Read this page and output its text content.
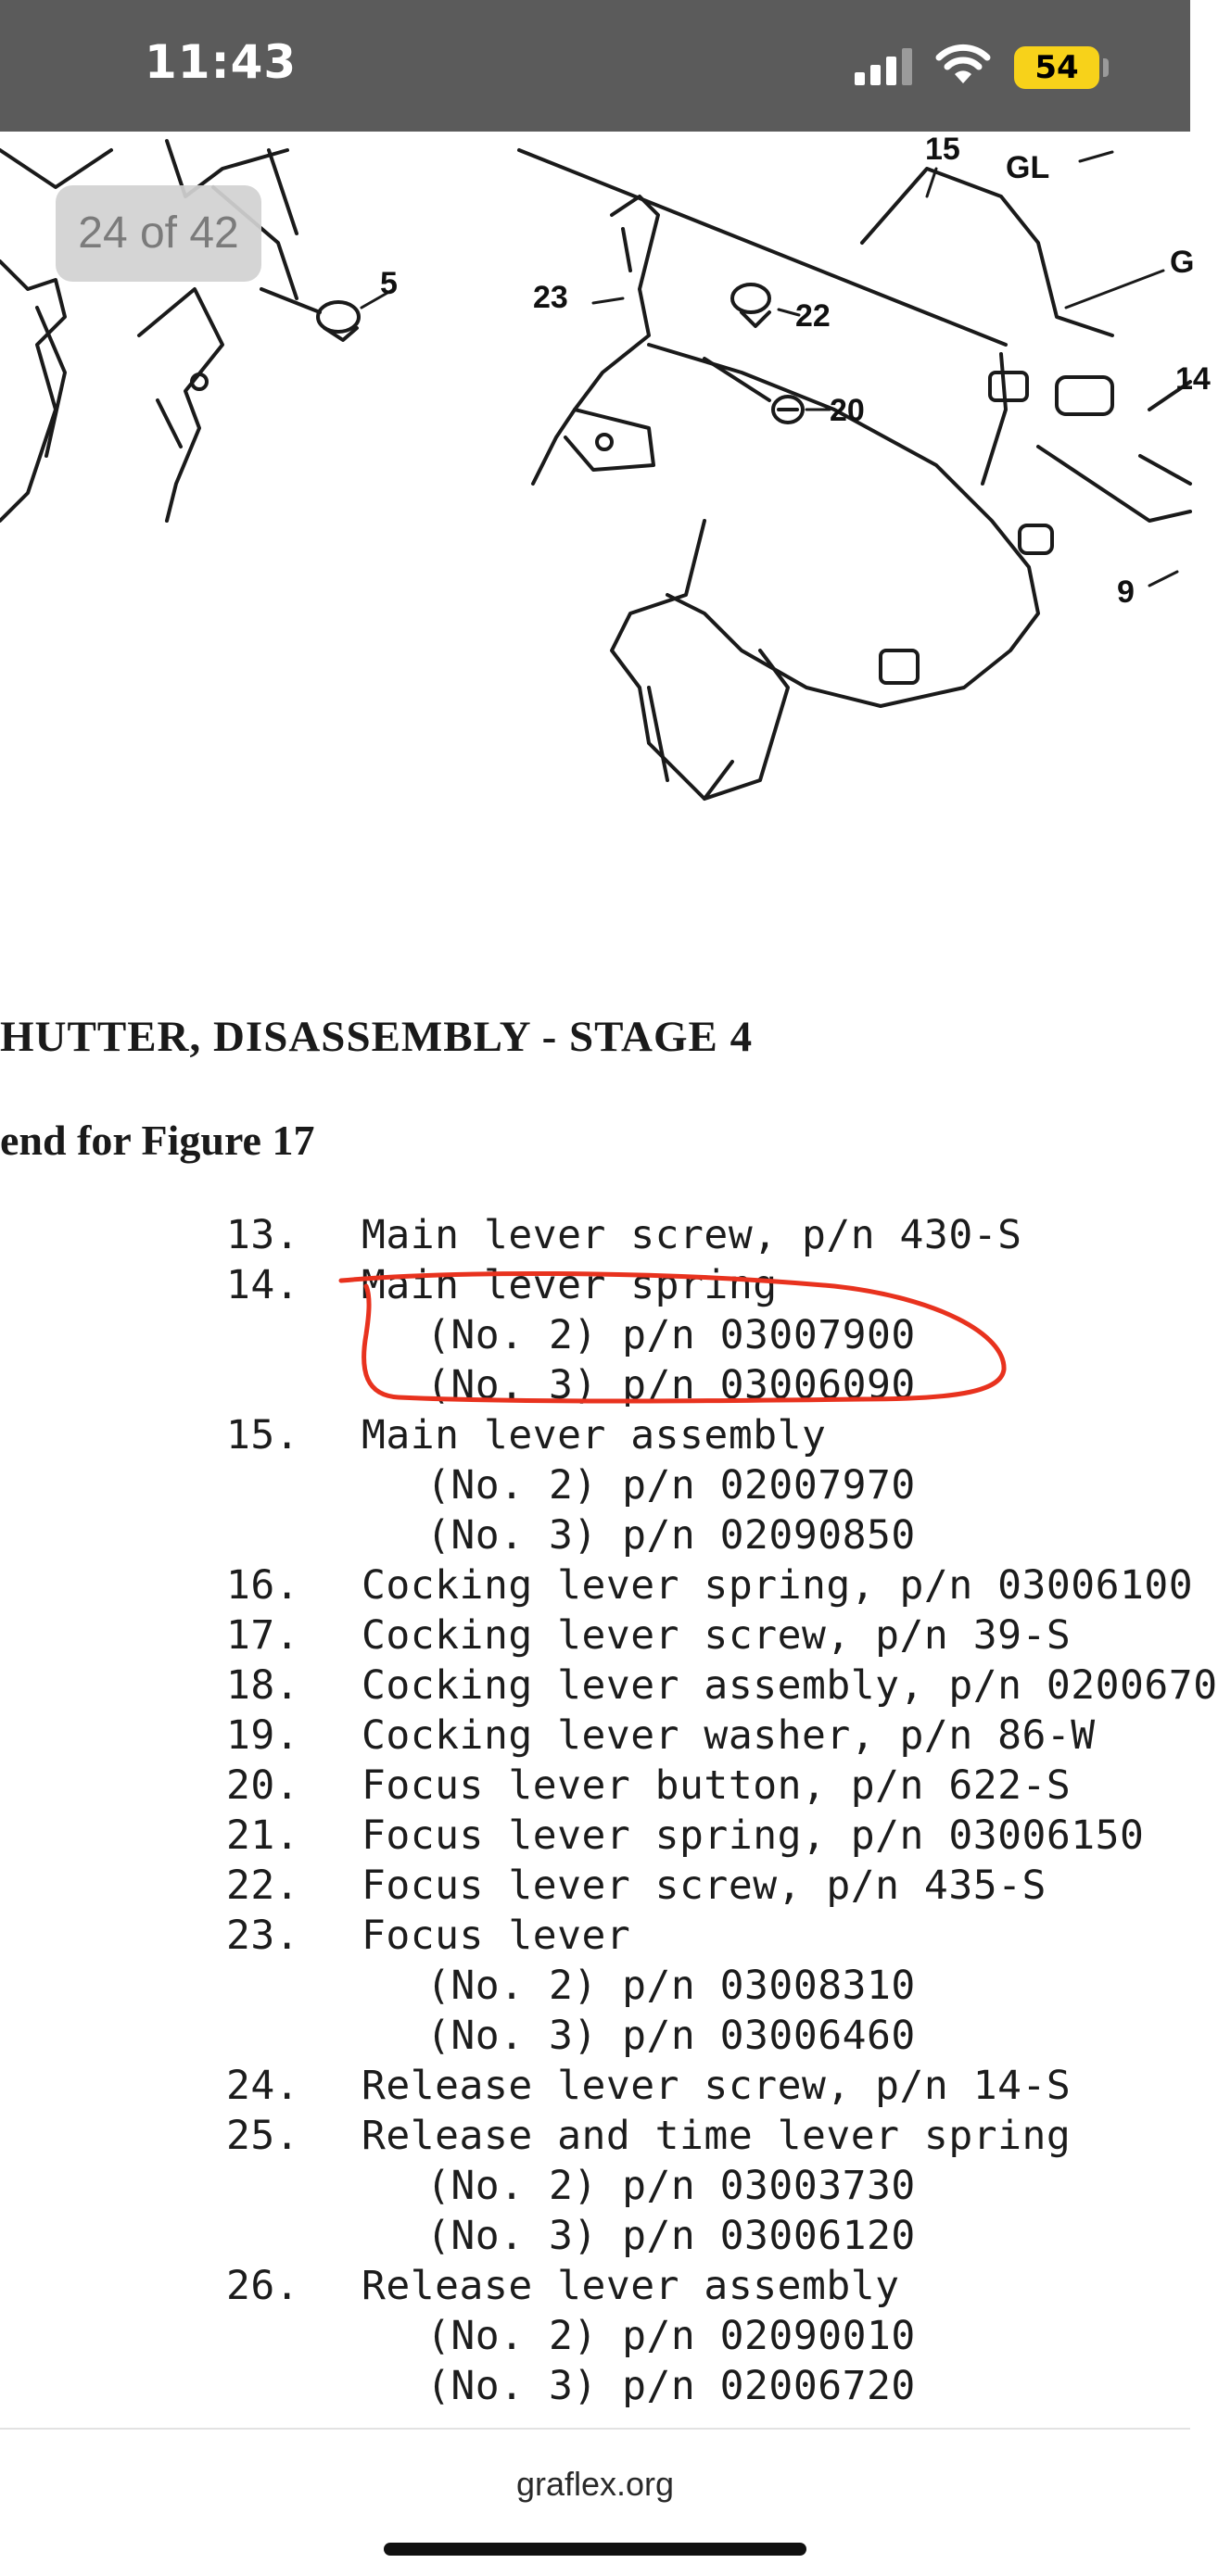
11:43	54
5	23
22
20
9
GL
G
15
14
24 of 42
HUTTER, DISASSEMBLY - STAGE 4
end for Figure 17
13. Main lever screw, p/n 430-S
14. Main lever spring
(No. 2) p/n 03007900
(No. 3) p/n 03006090
15. Main lever assembly
(No. 2) p/n 02007970
(No. 3) p/n 02090850
16. Cocking lever spring, p/n 03006100
17. Cocking lever screw, p/n 39-S
18. Cocking lever assembly, p/n 0200670
19. Cocking lever washer, p/n 86-W
20. Focus lever button, p/n 622-S
21. Focus lever spring, p/n 03006150
22. Focus lever screw, p/n 435-S
23. Focus lever
(No. 2) p/n 03008310
(No. 3) p/n 03006460
24. Release lever screw, p/n 14-S
25. Release and time lever spring
(No. 2) p/n 03003730
(No. 3) p/n 03006120
26. Release lever assembly
(No. 2) p/n 02090010
(No. 3) p/n 02006720
graflex.org
